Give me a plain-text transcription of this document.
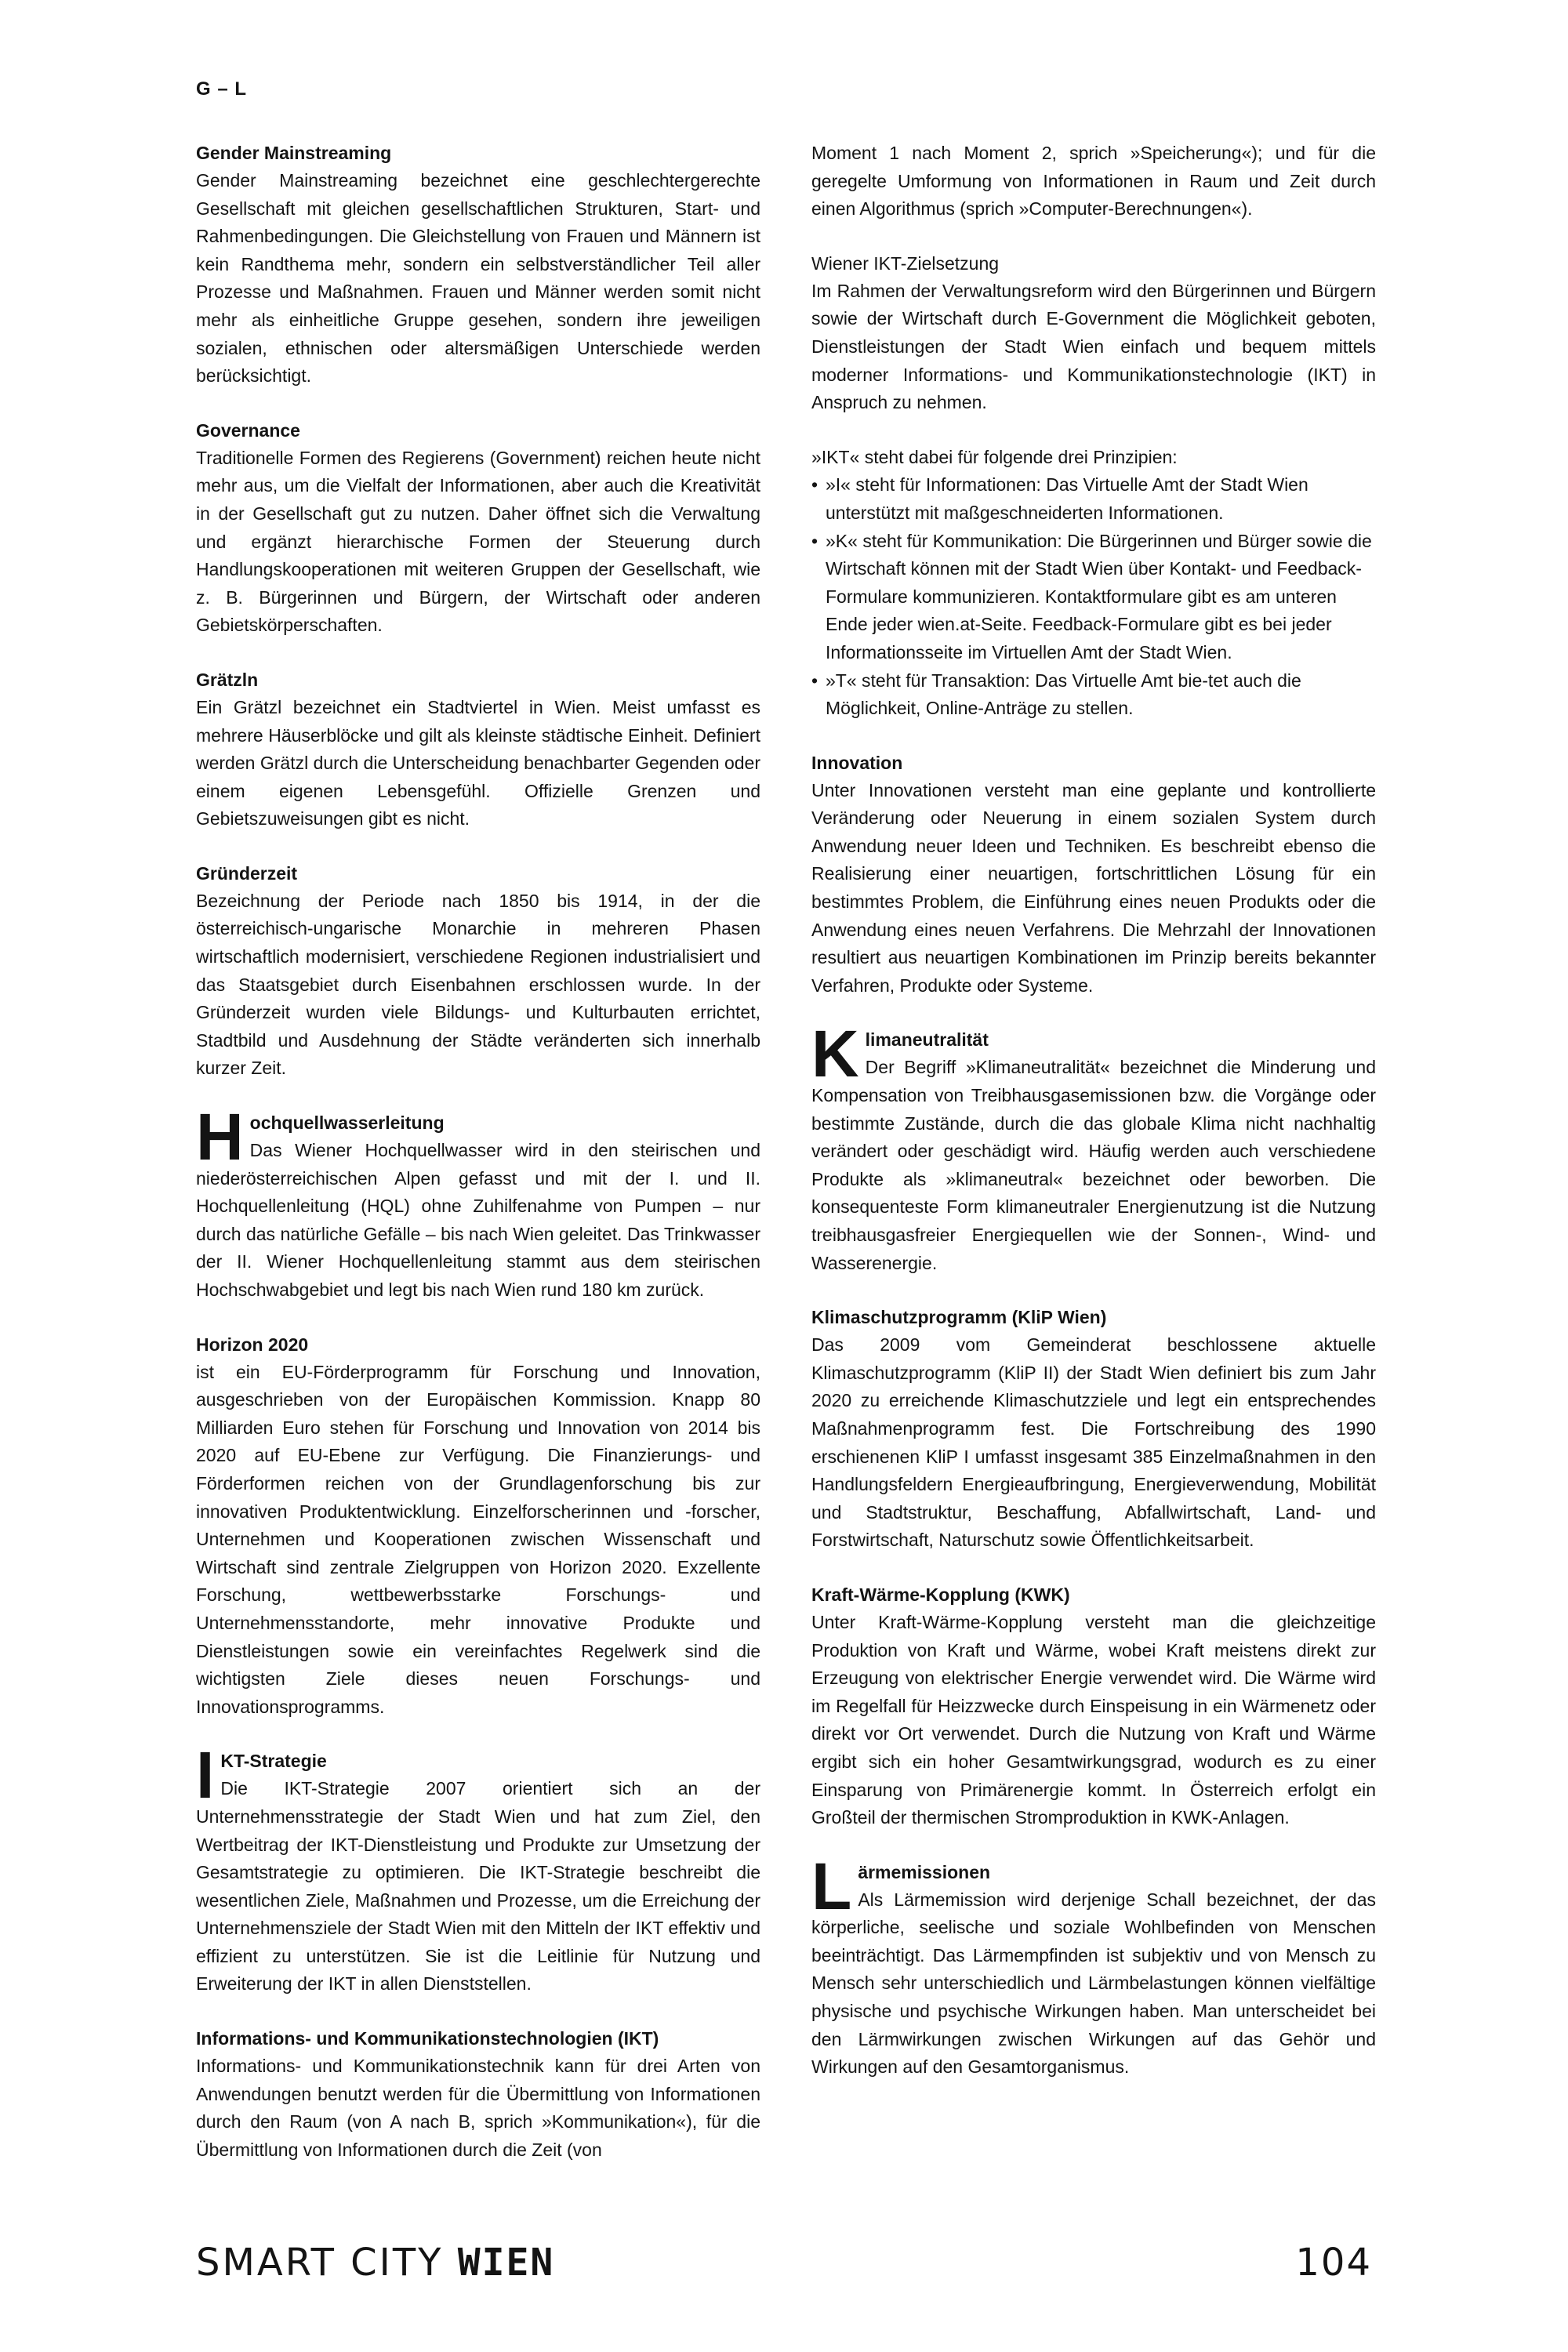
G – L

Gender Mainstreaming

Gender Mainstreaming bezeichnet eine geschlechtergerechte Gesellschaft mit gleichen gesellschaftlichen Strukturen, Start- und Rahmenbedingungen. Die Gleichstellung von Frauen und Männern ist kein Randthema mehr, sondern ein selbstverständlicher Teil aller Prozesse und Maßnahmen. Frauen und Männer werden somit nicht mehr als einheitliche Gruppe gesehen, sondern ihre jeweiligen sozialen, ethnischen oder altersmäßigen Unterschiede werden berücksichtigt.

Governance

Traditionelle Formen des Regierens (Government) reichen heute nicht mehr aus, um die Vielfalt der Informationen, aber auch die Kreativität in der Gesellschaft gut zu nutzen. Daher öffnet sich die Verwaltung und ergänzt hierarchische Formen der Steuerung durch Handlungskooperationen mit weiteren Gruppen der Gesellschaft, wie z. B. Bürgerinnen und Bürgern, der Wirtschaft oder anderen Gebietskörperschaften.

Grätzln

Ein Grätzl bezeichnet ein Stadtviertel in Wien. Meist umfasst es mehrere Häuserblöcke und gilt als kleinste städtische Einheit. Definiert werden Grätzl durch die Unterscheidung benachbarter Gegenden oder einem eigenen Lebensgefühl. Offizielle Grenzen und Gebietszuweisungen gibt es nicht.

Gründerzeit

Bezeichnung der Periode nach 1850 bis 1914, in der die österreichisch-ungarische Monarchie in mehreren Phasen wirtschaftlich modernisiert, verschiedene Regionen industrialisiert und das Staatsgebiet durch Eisenbahnen erschlossen wurde. In der Gründerzeit wurden viele Bildungs- und Kulturbauten errichtet, Stadtbild und Ausdehnung der Städte veränderten sich innerhalb kurzer Zeit.

H ochquellwasserleitung

Das Wiener Hochquellwasser wird in den steirischen und niederösterreichischen Alpen gefasst und mit der I. und II. Hochquellenleitung (HQL) ohne Zuhilfenahme von Pumpen – nur durch das natürliche Gefälle – bis nach Wien geleitet. Das Trinkwasser der II. Wiener Hochquellenleitung stammt aus dem steirischen Hochschwabgebiet und legt bis nach Wien rund 180 km zurück.

Horizon 2020

ist ein EU-Förderprogramm für Forschung und Innovation, ausgeschrieben von der Europäischen Kommission. Knapp 80 Milliarden Euro stehen für Forschung und Innovation von 2014 bis 2020 auf EU-Ebene zur Verfügung. Die Finanzierungs- und Förderformen reichen von der Grundlagenforschung bis zur innovativen Produktentwicklung. Einzelforscherinnen und -forscher, Unternehmen und Kooperationen zwischen Wissenschaft und Wirtschaft sind zentrale Zielgruppen von Horizon 2020. Exzellente Forschung, wettbewerbsstarke Forschungs- und Unternehmensstandorte, mehr innovative Produkte und Dienstleistungen sowie ein vereinfachtes Regelwerk sind die wichtigsten Ziele dieses neuen Forschungs- und Innovationsprogramms.

I KT-Strategie

Die IKT-Strategie 2007 orientiert sich an der Unternehmensstrategie der Stadt Wien und hat zum Ziel, den Wertbeitrag der IKT-Dienstleistung und Produkte zur Umsetzung der Gesamtstrategie zu optimieren. Die IKT-Strategie beschreibt die wesentlichen Ziele, Maßnahmen und Prozesse, um die Erreichung der Unternehmensziele der Stadt Wien mit den Mitteln der IKT effektiv und effizient zu unterstützen. Sie ist die Leitlinie für Nutzung und Erweiterung der IKT in allen Dienststellen.

Informations- und Kommunikationstechnologien (IKT)

Informations- und Kommunikationstechnik kann für drei Arten von Anwendungen benutzt werden für die Übermittlung von Informationen durch den Raum (von A nach B, sprich »Kommunikation«), für die Übermittlung von Informationen durch die Zeit (von

Moment 1 nach Moment 2, sprich »Speicherung«); und für die geregelte Umformung von Informationen in Raum und Zeit durch einen Algorithmus (sprich »Computer-Berechnungen«).

Wiener IKT-Zielsetzung

Im Rahmen der Verwaltungsreform wird den Bürgerinnen und Bürgern sowie der Wirtschaft durch E-Government die Möglichkeit geboten, Dienstleistungen der Stadt Wien einfach und bequem mittels moderner Informations- und Kommunikationstechnologie (IKT) in Anspruch zu nehmen.

»IKT« steht dabei für folgende drei Prinzipien:

• »I« steht für Informationen: Das Virtuelle Amt der Stadt Wien unterstützt mit maßgeschneiderten Informationen.
• »K« steht für Kommunikation: Die Bürgerinnen und Bürger sowie die Wirtschaft können mit der Stadt Wien über Kontakt- und Feedback-Formulare kommunizieren. Kontaktformulare gibt es am unteren Ende jeder wien.at-Seite. Feedback-Formulare gibt es bei jeder Informationsseite im Virtuellen Amt der Stadt Wien.
• »T« steht für Transaktion: Das Virtuelle Amt bie-tet auch die Möglichkeit, Online-Anträge zu stellen.

Innovation

Unter Innovationen versteht man eine geplante und kontrollierte Veränderung oder Neuerung in einem sozialen System durch Anwendung neuer Ideen und Techniken. Es beschreibt ebenso die Realisierung einer neuartigen, fortschrittlichen Lösung für ein bestimmtes Problem, die Einführung eines neuen Produkts oder die Anwendung eines neuen Verfahrens. Die Mehrzahl der Innovationen resultiert aus neuartigen Kombinationen im Prinzip bereits bekannter Verfahren, Produkte oder Systeme.

K limaneutralität

Der Begriff »Klimaneutralität« bezeichnet die Minderung und Kompensation von Treibhausgasemissionen bzw. die Vorgänge oder bestimmte Zustände, durch die das globale Klima nicht nachhaltig verändert oder geschädigt wird. Häufig werden auch verschiedene Produkte als »klimaneutral« bezeichnet oder beworben. Die konsequenteste Form klimaneutraler Energienutzung ist die Nutzung treibhausgasfreier Energiequellen wie der Sonnen-, Wind- und Wasserenergie.

Klimaschutzprogramm (KliP Wien)

Das 2009 vom Gemeinderat beschlossene aktuelle Klimaschutzprogramm (KliP II) der Stadt Wien definiert bis zum Jahr 2020 zu erreichende Klimaschutzziele und legt ein entsprechendes Maßnahmenprogramm fest. Die Fortschreibung des 1990 erschienenen KliP I umfasst insgesamt 385 Einzelmaßnahmen in den Handlungsfeldern Energieaufbringung, Energieverwendung, Mobilität und Stadtstruktur, Beschaffung, Abfallwirtschaft, Land- und Forstwirtschaft, Naturschutz sowie Öffentlichkeitsarbeit.

Kraft-Wärme-Kopplung (KWK)

Unter Kraft-Wärme-Kopplung versteht man die gleichzeitige Produktion von Kraft und Wärme, wobei Kraft meistens direkt zur Erzeugung von elektrischer Energie verwendet wird. Die Wärme wird im Regelfall für Heizzwecke durch Einspeisung in ein Wärmenetz oder direkt vor Ort verwendet. Durch die Nutzung von Kraft und Wärme ergibt sich ein hoher Gesamtwirkungsgrad, wodurch es zu einer Einsparung von Primärenergie kommt. In Österreich erfolgt ein Großteil der thermischen Stromproduktion in KWK-Anlagen.

L ärmemissionen

Als Lärmemission wird derjenige Schall bezeichnet, der das körperliche, seelische und soziale Wohlbefinden von Menschen beeinträchtigt. Das Lärmempfinden ist subjektiv und von Mensch zu Mensch sehr unterschiedlich und Lärmbelastungen können vielfältige physische und psychische Wirkungen haben. Man unterscheidet bei den Lärmwirkungen zwischen Wirkungen auf das Gehör und Wirkungen auf den Gesamtorganismus.

SMART CITY WIEN	104
